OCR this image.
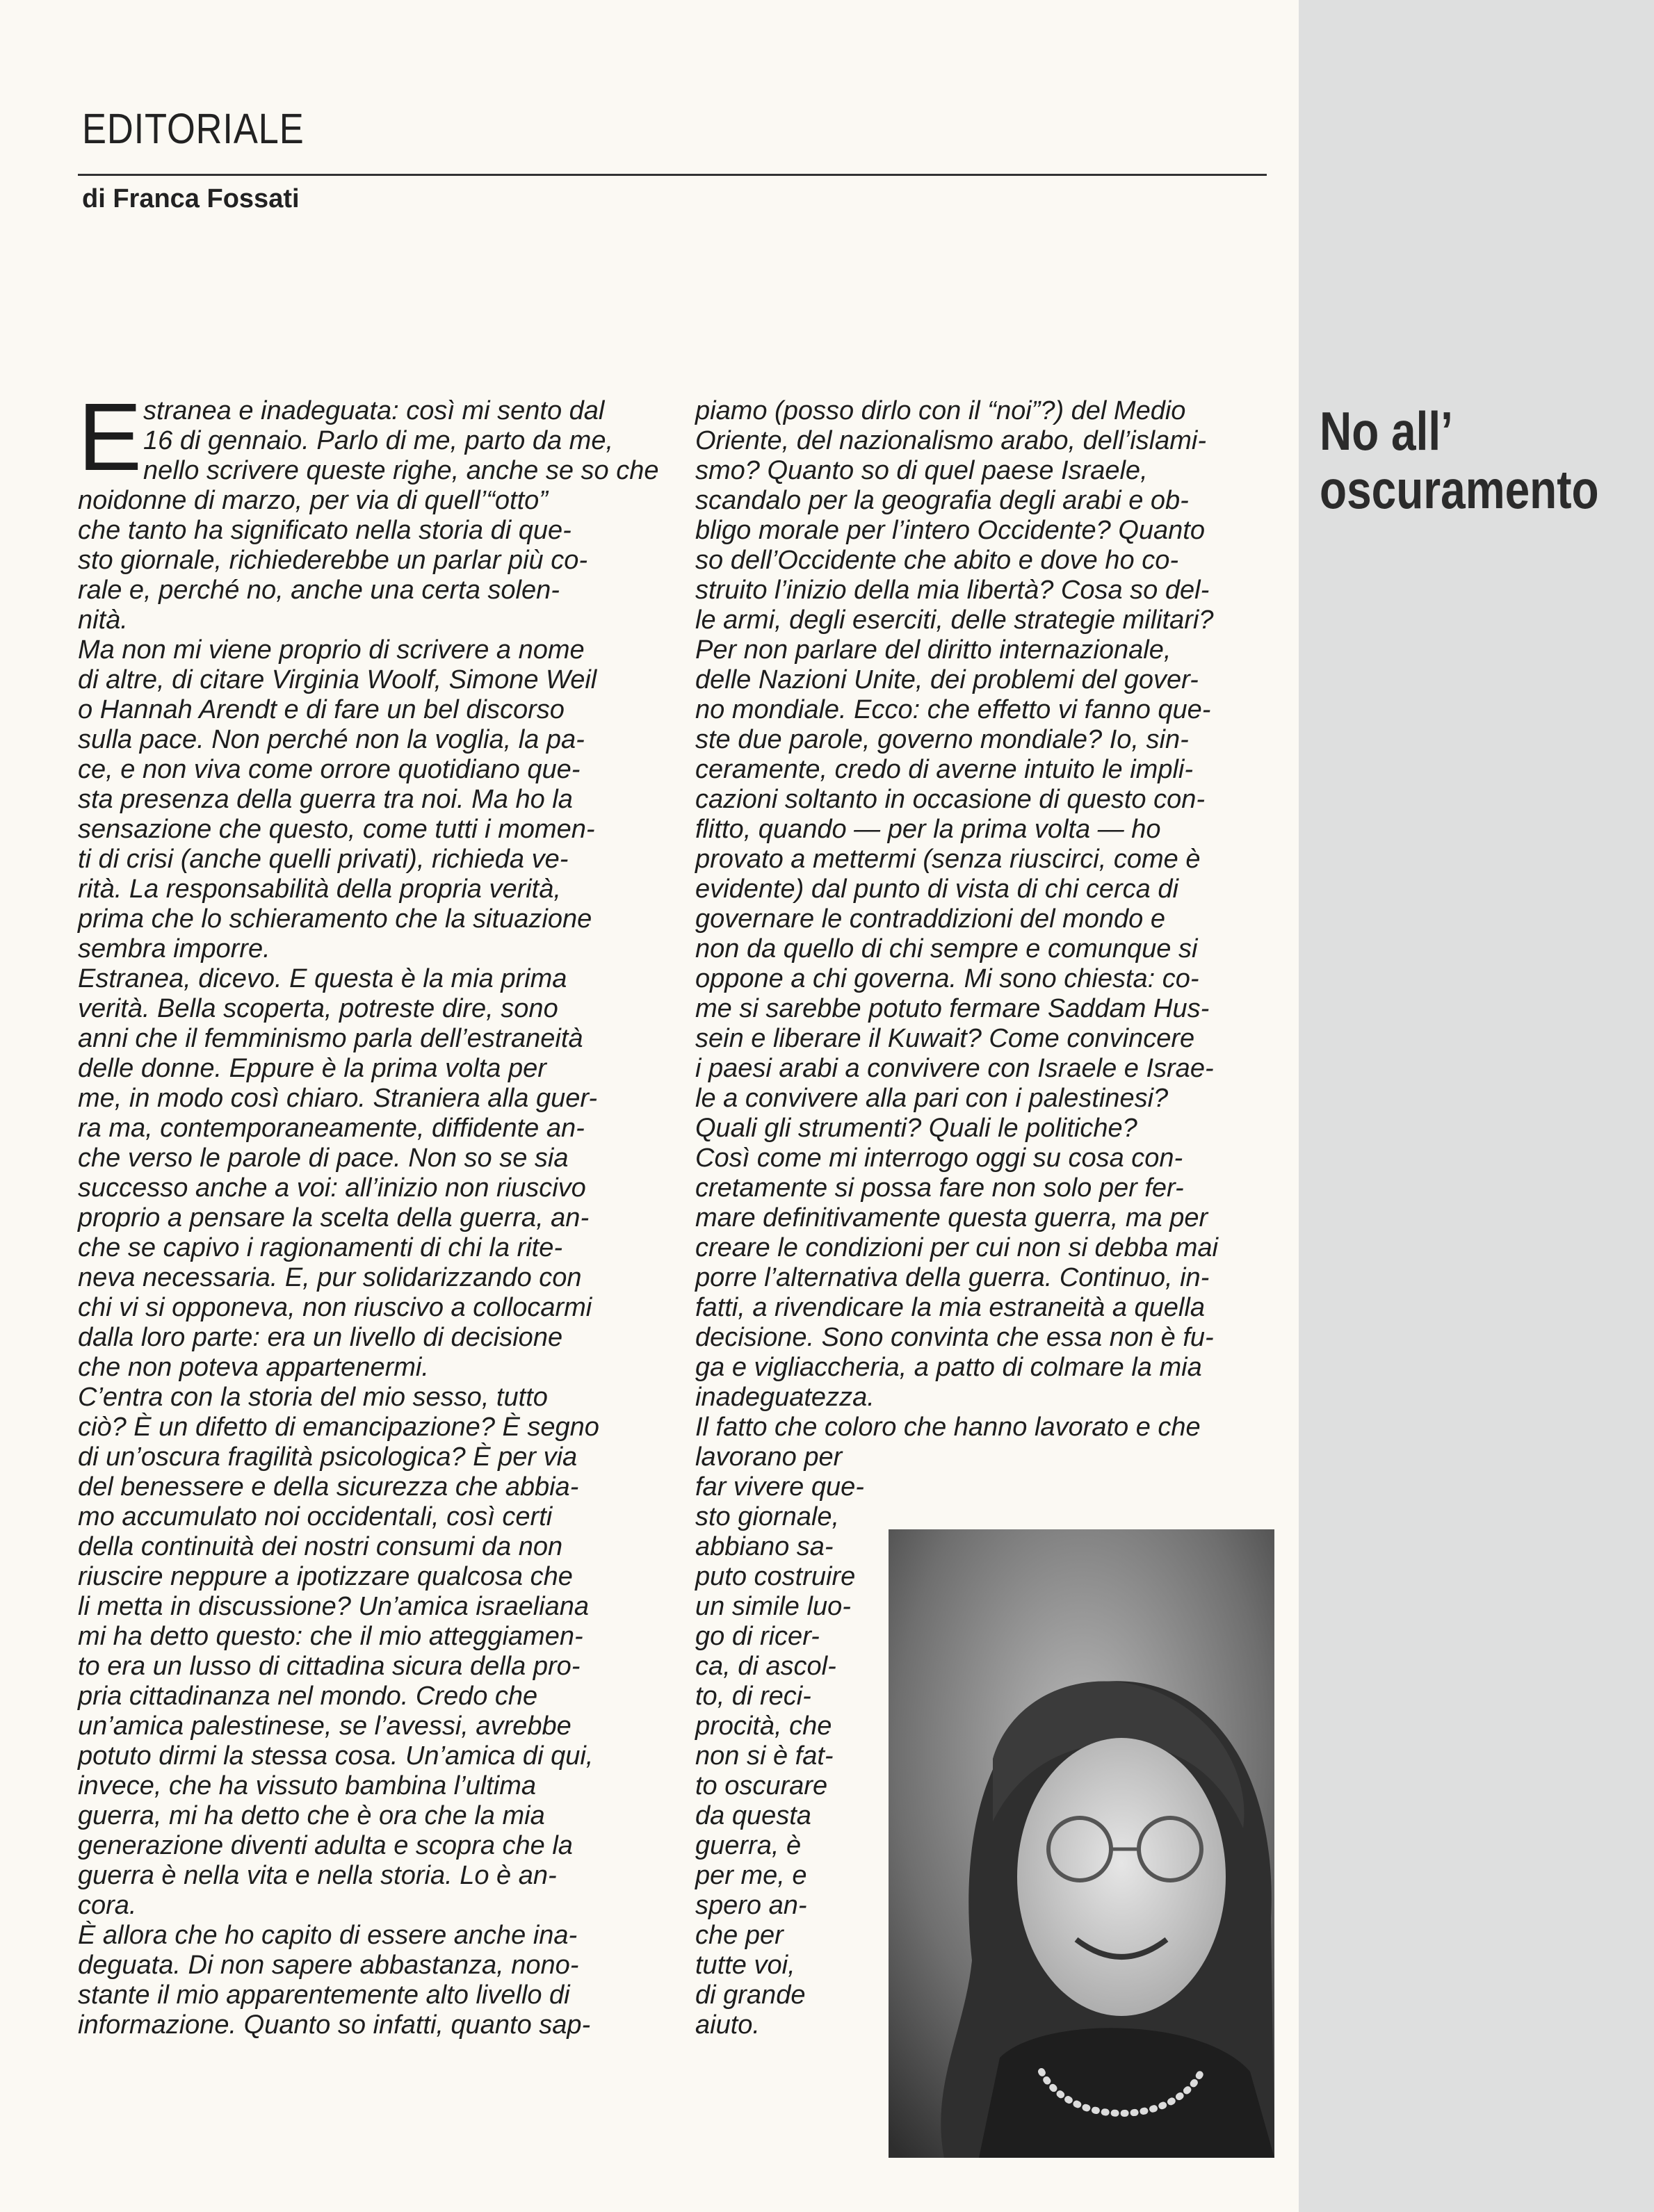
EDITORIALE
di Franca Fossati
No all’
oscuramento
E stranea e inadeguata: così mi sento dal

16 di gennaio. Parlo di me, parto da me,

nello scrivere queste righe, anche se so che

noidonne di marzo, per via di quell’“otto”

che tanto ha significato nella storia di que-

sto giornale, richiederebbe un parlar più co-

rale e, perché no, anche una certa solen-

nità.

Ma non mi viene proprio di scrivere a nome

di altre, di citare Virginia Woolf, Simone Weil

o Hannah Arendt e di fare un bel discorso

sulla pace. Non perché non la voglia, la pa-

ce, e non viva come orrore quotidiano que-

sta presenza della guerra tra noi. Ma ho la

sensazione che questo, come tutti i momen-

ti di crisi (anche quelli privati), richieda ve-

rità. La responsabilità della propria verità,

prima che lo schieramento che la situazione

sembra imporre.

Estranea, dicevo. E questa è la mia prima

verità. Bella scoperta, potreste dire, sono

anni che il femminismo parla dell’estraneità

delle donne. Eppure è la prima volta per

me, in modo così chiaro. Straniera alla guer-

ra ma, contemporaneamente, diffidente an-

che verso le parole di pace. Non so se sia

successo anche a voi: all’inizio non riuscivo

proprio a pensare la scelta della guerra, an-

che se capivo i ragionamenti di chi la rite-

neva necessaria. E, pur solidarizzando con

chi vi si opponeva, non riuscivo a collocarmi

dalla loro parte: era un livello di decisione

che non poteva appartenermi.

C’entra con la storia del mio sesso, tutto

ciò? È un difetto di emancipazione? È segno

di un’oscura fragilità psicologica? È per via

del benessere e della sicurezza che abbia-

mo accumulato noi occidentali, così certi

della continuità dei nostri consumi da non

riuscire neppure a ipotizzare qualcosa che

li metta in discussione? Un’amica israeliana

mi ha detto questo: che il mio atteggiamen-

to era un lusso di cittadina sicura della pro-

pria cittadinanza nel mondo. Credo che

un’amica palestinese, se l’avessi, avrebbe

potuto dirmi la stessa cosa. Un’amica di qui,

invece, che ha vissuto bambina l’ultima

guerra, mi ha detto che è ora che la mia

generazione diventi adulta e scopra che la

guerra è nella vita e nella storia. Lo è an-

cora.

È allora che ho capito di essere anche ina-

deguata. Di non sapere abbastanza, nono-

stante il mio apparentemente alto livello di

informazione. Quanto so infatti, quanto sap-

piamo (posso dirlo con il “noi”?) del Medio

Oriente, del nazionalismo arabo, dell’islami-

smo? Quanto so di quel paese Israele,

scandalo per la geografia degli arabi e ob-

bligo morale per l’intero Occidente? Quanto

so dell’Occidente che abito e dove ho co-

struito l’inizio della mia libertà? Cosa so del-

le armi, degli eserciti, delle strategie militari?

Per non parlare del diritto internazionale,

delle Nazioni Unite, dei problemi del gover-

no mondiale. Ecco: che effetto vi fanno que-

ste due parole, governo mondiale? Io, sin-

ceramente, credo di averne intuito le impli-

cazioni soltanto in occasione di questo con-

flitto, quando — per la prima volta — ho

provato a mettermi (senza riuscirci, come è

evidente) dal punto di vista di chi cerca di

governare le contraddizioni del mondo e

non da quello di chi sempre e comunque si

oppone a chi governa. Mi sono chiesta: co-

me si sarebbe potuto fermare Saddam Hus-

sein e liberare il Kuwait? Come convincere

i paesi arabi a convivere con Israele e Israe-

le a convivere alla pari con i palestinesi?

Quali gli strumenti? Quali le politiche?

Così come mi interrogo oggi su cosa con-

cretamente si possa fare non solo per fer-

mare definitivamente questa guerra, ma per

creare le condizioni per cui non si debba mai

porre l’alternativa della guerra. Continuo, in-

fatti, a rivendicare la mia estraneità a quella

decisione. Sono convinta che essa non è fu-

ga e vigliaccheria, a patto di colmare la mia

inadeguatezza.

Il fatto che coloro che hanno lavorato e che

lavorano per

far vivere que-

sto giornale,

abbiano sa-

puto costruire

un simile luo-

go di ricer-

ca, di ascol-

to, di reci-

procità, che

non si è fat-

to oscurare

da questa

guerra, è

per me, e

spero an-

che per

tutte voi,

di grande

aiuto.
